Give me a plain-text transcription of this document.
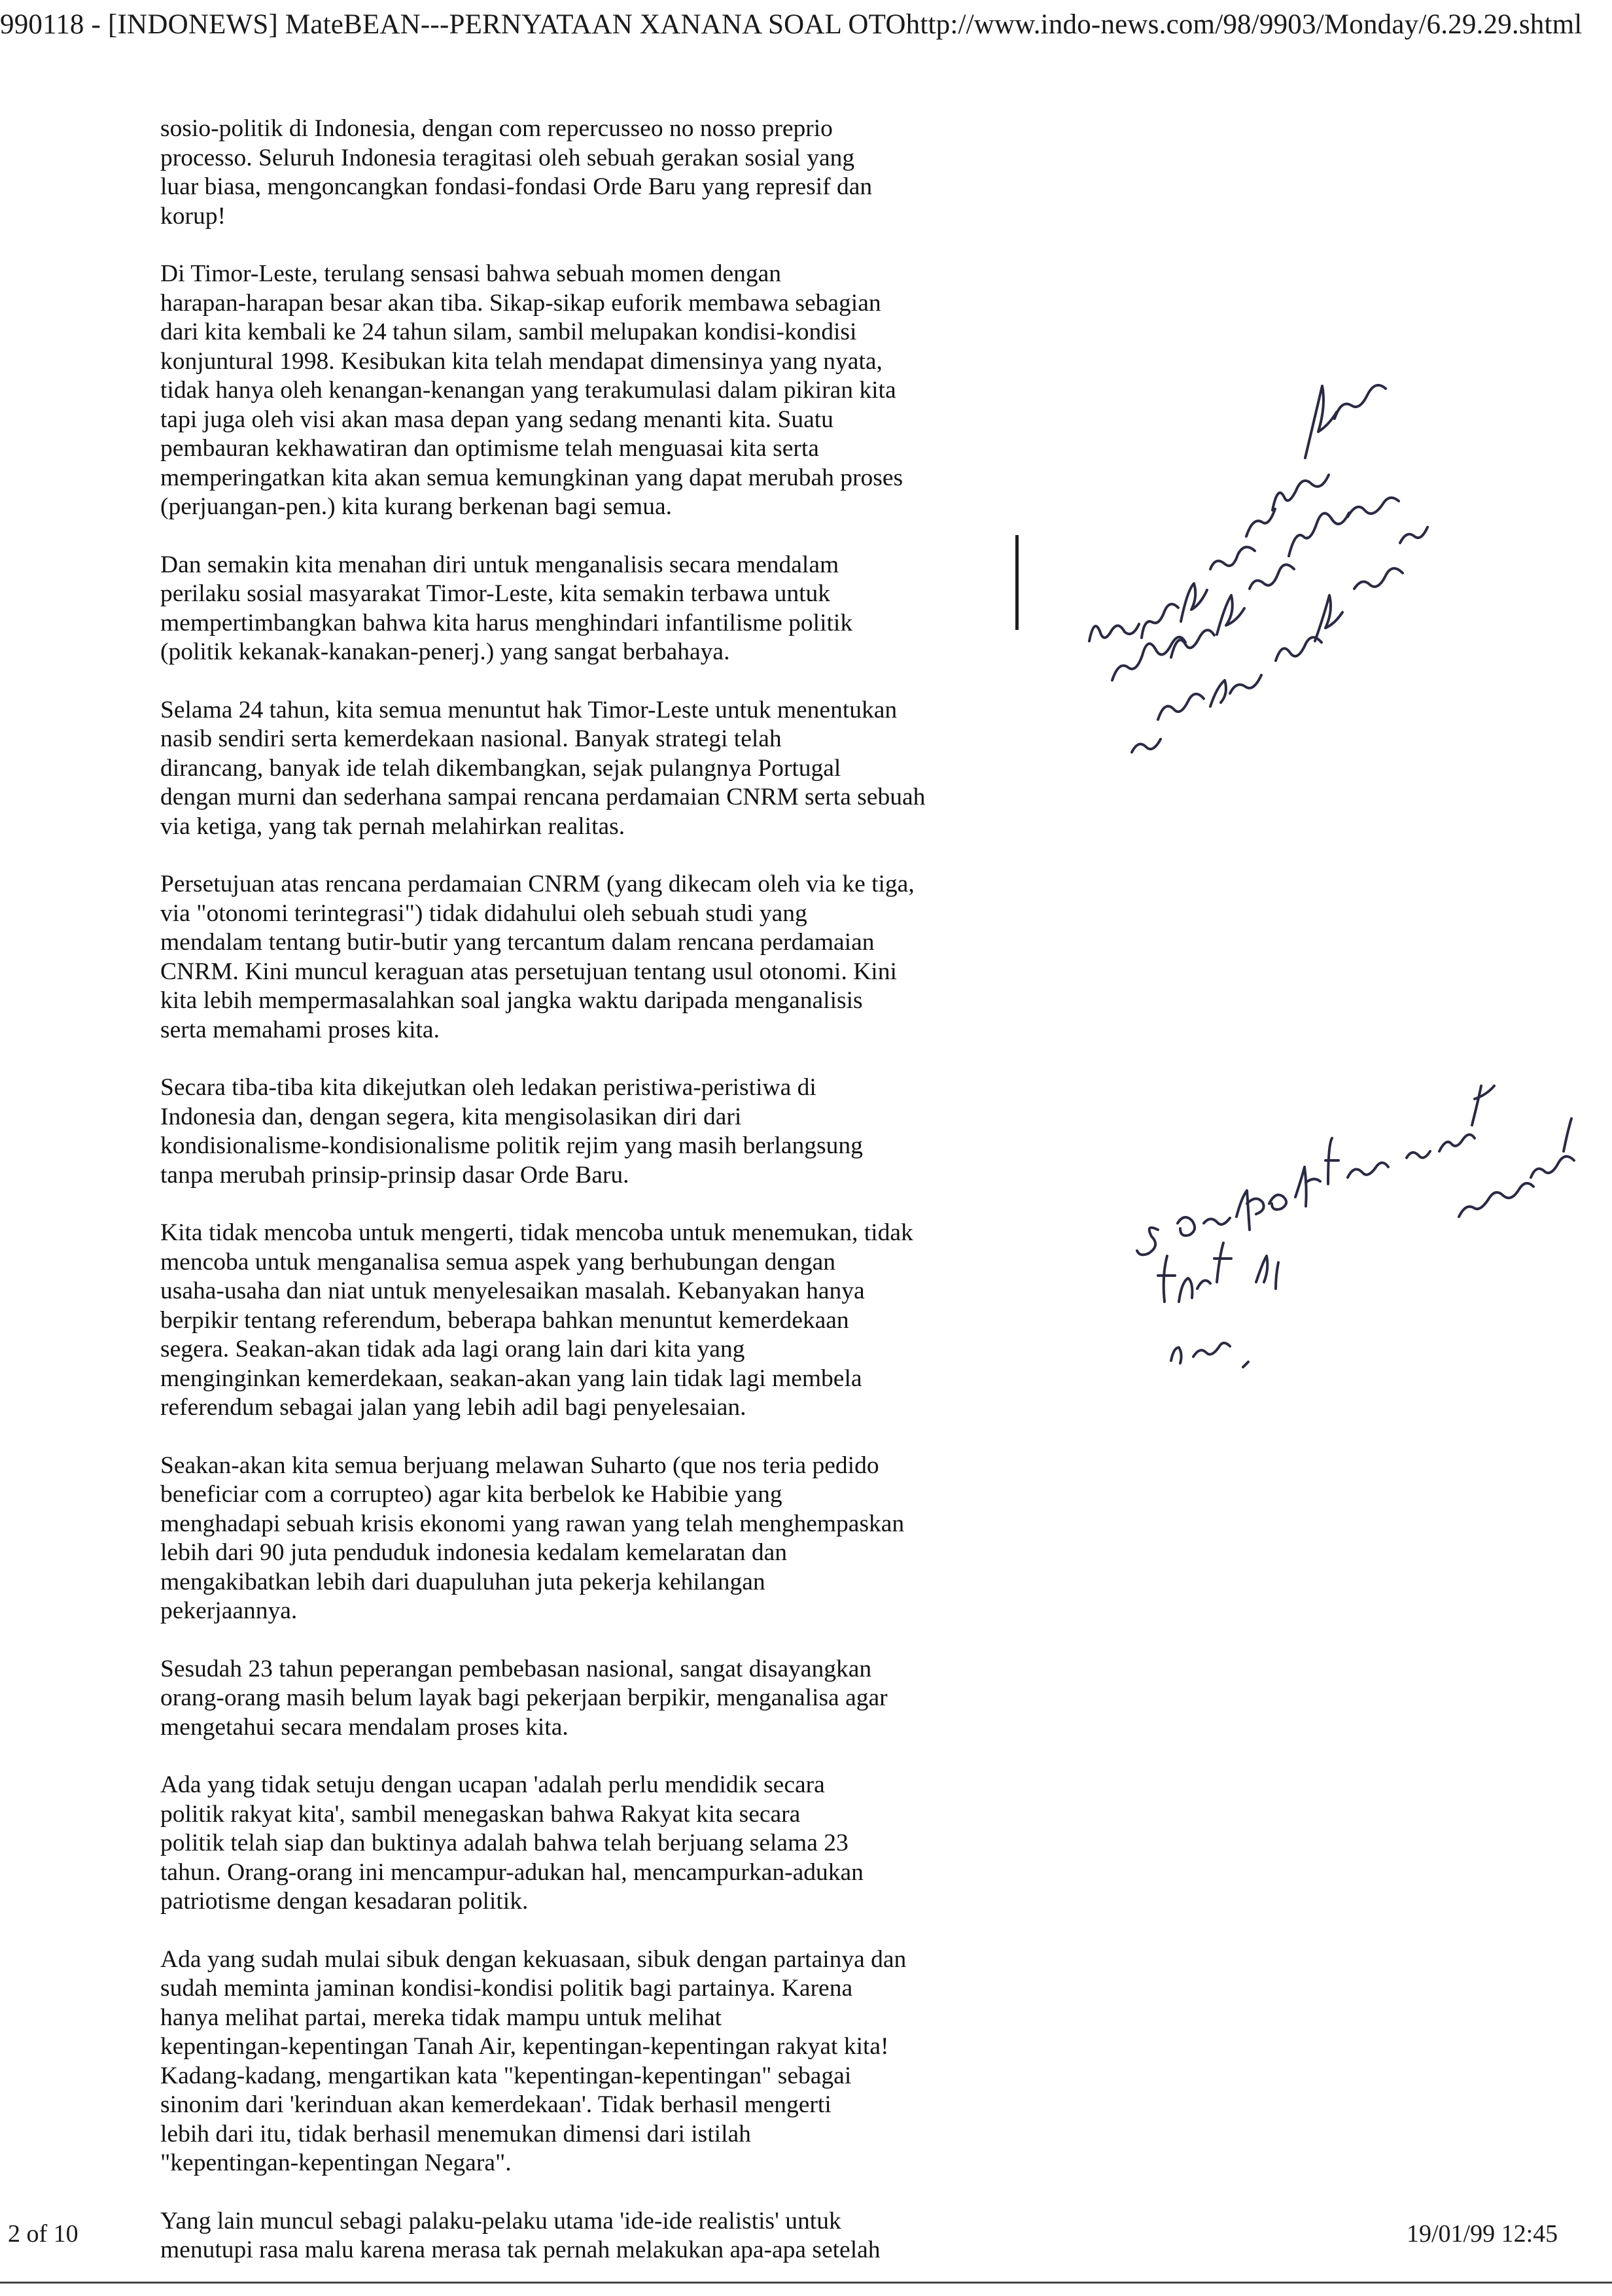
990118 - [INDONEWS] MateBEAN---PERNYATAAN XANANA SOAL OTOhttp://www.indo-news.com/98/9903/Monday/6.29.29.shtml
sosio-politik di Indonesia, dengan com repercusseo no nosso preprio
processo. Seluruh Indonesia teragitasi oleh sebuah gerakan sosial yang
luar biasa, mengoncangkan fondasi-fondasi Orde Baru yang represif dan
korup!
Di Timor-Leste, terulang sensasi bahwa sebuah momen dengan
harapan-harapan besar akan tiba. Sikap-sikap euforik membawa sebagian
dari kita kembali ke 24 tahun silam, sambil melupakan kondisi-kondisi
konjuntural 1998. Kesibukan kita telah mendapat dimensinya yang nyata,
tidak hanya oleh kenangan-kenangan yang terakumulasi dalam pikiran kita
tapi juga oleh visi akan masa depan yang sedang menanti kita. Suatu
pembauran kekhawatiran dan optimisme telah menguasai kita serta
memperingatkan kita akan semua kemungkinan yang dapat merubah proses
(perjuangan-pen.) kita kurang berkenan bagi semua.
Dan semakin kita menahan diri untuk menganalisis secara mendalam
perilaku sosial masyarakat Timor-Leste, kita semakin terbawa untuk
mempertimbangkan bahwa kita harus menghindari infantilisme politik
(politik kekanak-kanakan-penerj.) yang sangat berbahaya.
Selama 24 tahun, kita semua menuntut hak Timor-Leste untuk menentukan
nasib sendiri serta kemerdekaan nasional. Banyak strategi telah
dirancang, banyak ide telah dikembangkan, sejak pulangnya Portugal
dengan murni dan sederhana sampai rencana perdamaian CNRM serta sebuah
via ketiga, yang tak pernah melahirkan realitas.
Persetujuan atas rencana perdamaian CNRM (yang dikecam oleh via ke tiga,
via "otonomi terintegrasi") tidak didahului oleh sebuah studi yang
mendalam tentang butir-butir yang tercantum dalam rencana perdamaian
CNRM. Kini muncul keraguan atas persetujuan tentang usul otonomi. Kini
kita lebih mempermasalahkan soal jangka waktu daripada menganalisis
serta memahami proses kita.
Secara tiba-tiba kita dikejutkan oleh ledakan peristiwa-peristiwa di
Indonesia dan, dengan segera, kita mengisolasikan diri dari
kondisionalisme-kondisionalisme politik rejim yang masih berlangsung
tanpa merubah prinsip-prinsip dasar Orde Baru.
Kita tidak mencoba untuk mengerti, tidak mencoba untuk menemukan, tidak
mencoba untuk menganalisa semua aspek yang berhubungan dengan
usaha-usaha dan niat untuk menyelesaikan masalah. Kebanyakan hanya
berpikir tentang referendum, beberapa bahkan menuntut kemerdekaan
segera. Seakan-akan tidak ada lagi orang lain dari kita yang
menginginkan kemerdekaan, seakan-akan yang lain tidak lagi membela
referendum sebagai jalan yang lebih adil bagi penyelesaian.
Seakan-akan kita semua berjuang melawan Suharto (que nos teria pedido
beneficiar com a corrupteo) agar kita berbelok ke Habibie yang
menghadapi sebuah krisis ekonomi yang rawan yang telah menghempaskan
lebih dari 90 juta penduduk indonesia kedalam kemelaratan dan
mengakibatkan lebih dari duapuluhan juta pekerja kehilangan
pekerjaannya.
Sesudah 23 tahun peperangan pembebasan nasional, sangat disayangkan
orang-orang masih belum layak bagi pekerjaan berpikir, menganalisa agar
mengetahui secara mendalam proses kita.
Ada yang tidak setuju dengan ucapan 'adalah perlu mendidik secara
politik rakyat kita', sambil menegaskan bahwa Rakyat kita secara
politik telah siap dan buktinya adalah bahwa telah berjuang selama 23
tahun. Orang-orang ini mencampur-adukan hal, mencampurkan-adukan
patriotisme dengan kesadaran politik.
Ada yang sudah mulai sibuk dengan kekuasaan, sibuk dengan partainya dan
sudah meminta jaminan kondisi-kondisi politik bagi partainya. Karena
hanya melihat partai, mereka tidak mampu untuk melihat
kepentingan-kepentingan Tanah Air, kepentingan-kepentingan rakyat kita!
Kadang-kadang, mengartikan kata "kepentingan-kepentingan" sebagai
sinonim dari 'kerinduan akan kemerdekaan'. Tidak berhasil mengerti
lebih dari itu, tidak berhasil menemukan dimensi dari istilah
"kepentingan-kepentingan Negara".
Yang lain muncul sebagi palaku-pelaku utama 'ide-ide realistis' untuk
menutupi rasa malu karena merasa tak pernah melakukan apa-apa setelah
2 of 10	19/01/99 12:45
